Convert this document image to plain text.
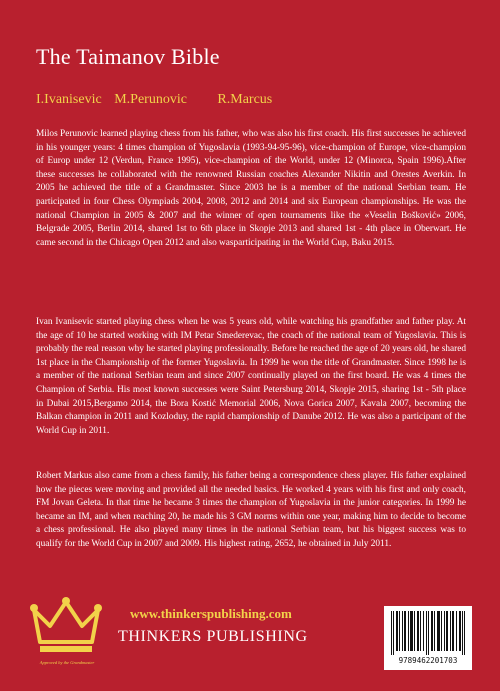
The Taimanov Bible
I.Ivanisevic M.Perunovic R.Marcus

Milos Perunovic learned playing chess from his father, who was also his first coach. His first successes he achieved in his younger years: 4 times champion of Yugoslavia (1993-94-95-96), vice-champion of Europe, vice-champion of Europ under 12 (Verdun, France 1995), vice-champion of the World, under 12 (Minorca, Spain 1996).After these successes he collaborated with the renowned Russian coaches Alexander Nikitin and Orestes Averkin. In 2005 he achieved the title of a Grandmaster. Since 2003 he is a member of the national Serbian team. He participated in four Chess Olympiads 2004, 2008, 2012 and 2014 and six European championships. He was the national Champion in 2005 & 2007 and the winner of open tournaments like the «Veselin Bošković» 2006, Belgrade 2005, Berlin 2014, shared 1st to 6th place in Skopje 2013 and shared 1st - 4th place in Oberwart. He came second in the Chicago Open 2012 and also wasparticipating in the World Cup, Baku 2015.

Ivan Ivanisevic started playing chess when he was 5 years old, while watching his grandfather and father play. At the age of 10 he started working with IM Petar Smederevac, the coach of the national team of Yugoslavia. This is probably the real reason why he started playing professionally. Before he reached the age of 20 years old, he shared 1st place in the Championship of the former Yugoslavia. In 1999 he won the title of Grandmaster. Since 1998 he is a member of the national Serbian team and since 2007 continually played on the first board. He was 4 times the Champion of Serbia. His most known successes were Saint Petersburg 2014, Skopje 2015, sharing 1st - 5th place in Dubai 2015,Bergamo 2014, the Bora Kostić Memorial 2006, Nova Gorica 2007, Kavala 2007, becoming the Balkan champion in 2011 and Kozloduy, the rapid championship of Danube 2012. He was also a participant of the World Cup in 2011.

Robert Markus also came from a chess family, his father being a correspondence chess player. His father explained how the pieces were moving and provided all the needed basics. He worked 4 years with his first and only coach, FM Jovan Geleta. In that time he became 3 times the champion of Yugoslavia in the junior categories. In 1999 he became an IM, and when reaching 20, he made his 3 GM norms within one year, making him to decide to become a chess professional. He also played many times in the national Serbian team, but his biggest success was to qualify for the World Cup in 2007 and 2009. His highest rating, 2652, he obtained in July 2011.

Approved by the Grandmaster
www.thinkerspublishing.com
THINKERS PUBLISHING
9789462201703
